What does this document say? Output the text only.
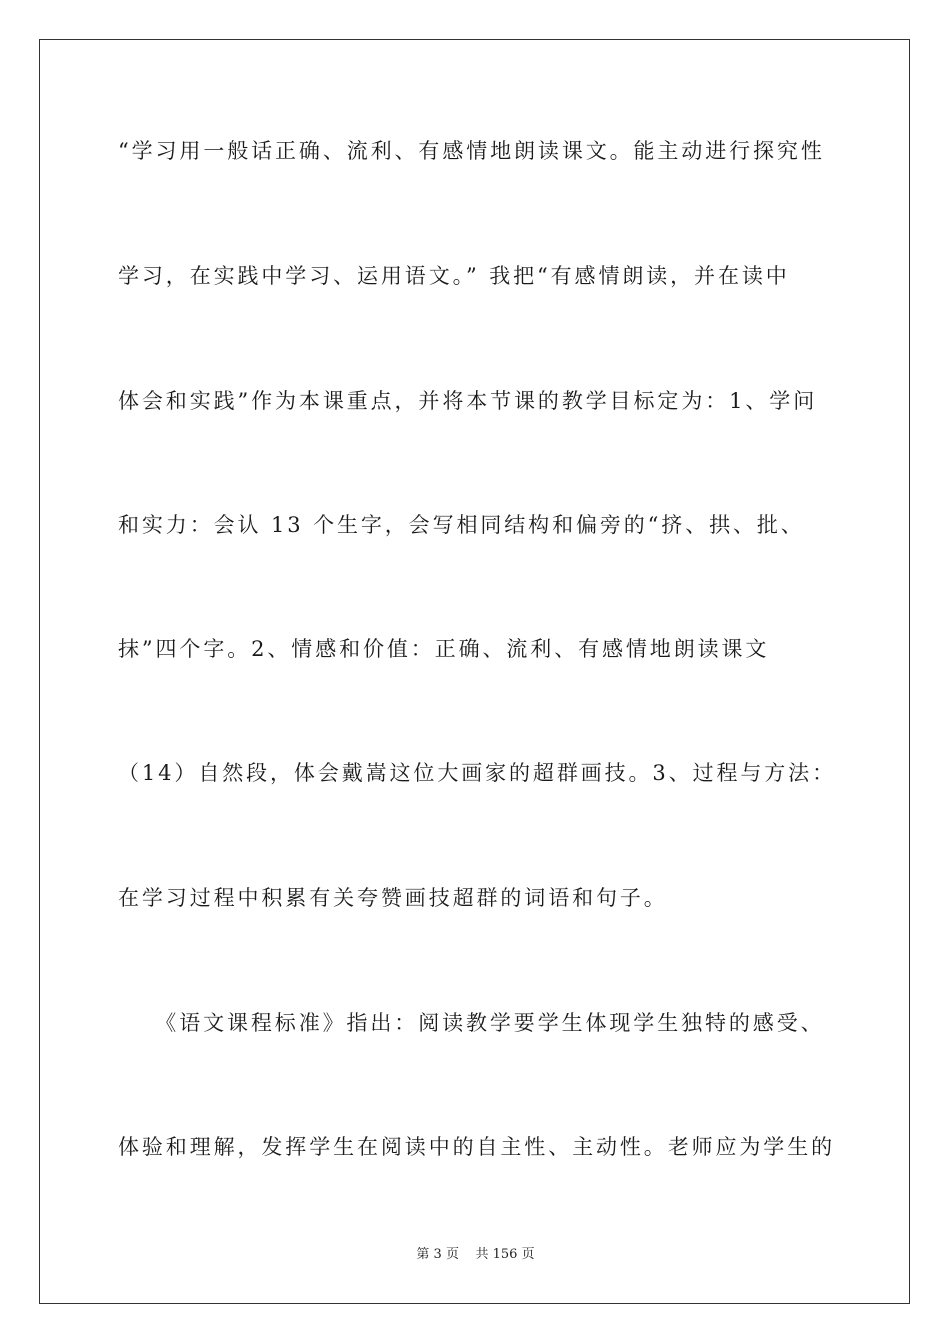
“学习用一般话正确、流利、有感情地朗读课文。能主动进行探究性
学习，在实践中学习、运用语文。” 我把“有感情朗读，并在读中
体会和实践”作为本课重点，并将本节课的教学目标定为：1、学问
和实力：会认 13 个生字，会写相同结构和偏旁的“挤、拱、批、
抹”四个字。2、情感和价值：正确、流利、有感情地朗读课文
（14）自然段，体会戴嵩这位大画家的超群画技。3、过程与方法：
在学习过程中积累有关夸赞画技超群的词语和句子。
　　《语文课程标准》指出：阅读教学要学生体现学生独特的感受、
体验和理解，发挥学生在阅读中的自主性、主动性。老师应为学生的
第 3 页 共 156 页
